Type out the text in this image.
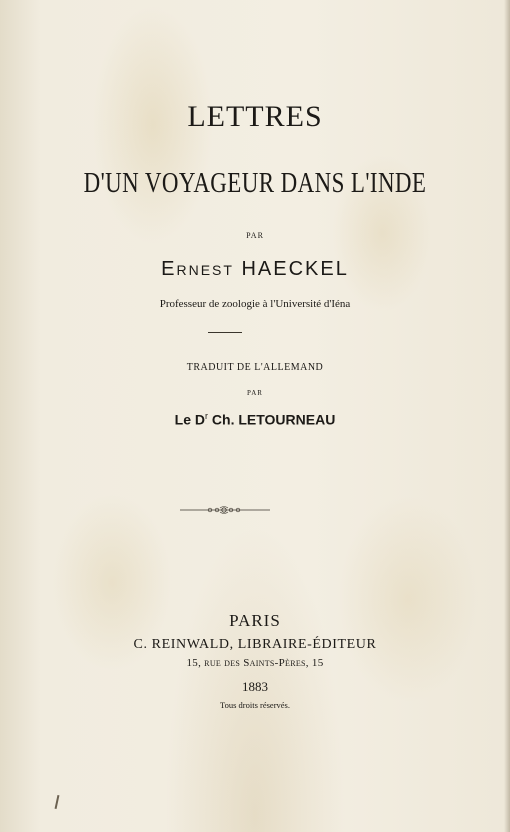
LETTRES
D'UN VOYAGEUR DANS L'INDE
PAR
Ernest HAECKEL
Professeur de zoologie à l'Université d'Iéna
TRADUIT DE L'ALLEMAND
PAR
Le $D^r$ Ch. LETOURNEAU
PARIS
C. REINWALD, LIBRAIRE-ÉDITEUR
15, rue des Saints-Pères, 15
1883
Tous droits réservés.
